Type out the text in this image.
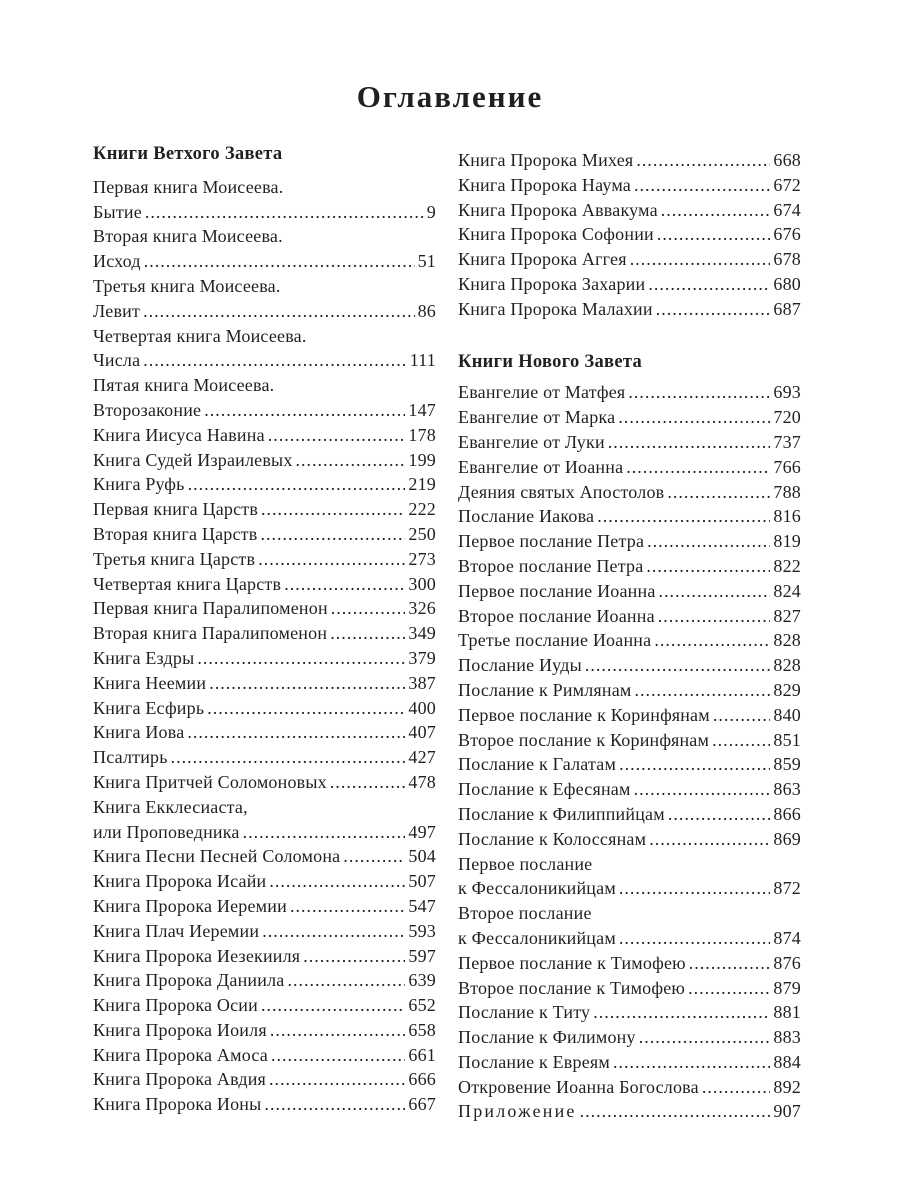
Оглавление
Книги Ветхого Завета
Первая книга Моисеева.
Бытие .....	9
Вторая книга Моисеева.
Исход .....	51
Третья книга Моисеева.
Левит .....	86
Четвертая книга Моисеева.
Числа .....	111
Пятая книга Моисеева.
Второзаконие .....	147
Книга Иисуса Навина .....	178
Книга Судей Израилевых .....	199
Книга Руфь .....	219
Первая книга Царств .....	222
Вторая книга Царств .....	250
Третья книга Царств .....	273
Четвертая книга Царств .....	300
Первая книга Паралипоменон .....	326
Вторая книга Паралипоменон .....	349
Книга Ездры .....	379
Книга Неемии .....	387
Книга Есфирь .....	400
Книга Иова .....	407
Псалтирь .....	427
Книга Притчей Соломоновых .....	478
Книга Екклесиаста,
или Проповедника .....	497
Книга Песни Песней Соломона .....	504
Книга Пророка Исайи .....	507
Книга Пророка Иеремии .....	547
Книга Плач Иеремии .....	593
Книга Пророка Иезекииля .....	597
Книга Пророка Даниила .....	639
Книга Пророка Осии .....	652
Книга Пророка Иоиля .....	658
Книга Пророка Амоса .....	661
Книга Пророка Авдия .....	666
Книга Пророка Ионы .....	667
Книга Пророка Михея .....	668
Книга Пророка Наума .....	672
Книга Пророка Аввакума .....	674
Книга Пророка Софонии .....	676
Книга Пророка Аггея .....	678
Книга Пророка Захарии .....	680
Книга Пророка Малахии .....	687
Книги Нового Завета
Евангелие от Матфея .....	693
Евангелие от Марка .....	720
Евангелие от Луки .....	737
Евангелие от Иоанна .....	766
Деяния святых Апостолов .....	788
Послание Иакова .....	816
Первое послание Петра .....	819
Второе послание Петра .....	822
Первое послание Иоанна .....	824
Второе послание Иоанна .....	827
Третье послание Иоанна .....	828
Послание Иуды .....	828
Послание к Римлянам .....	829
Первое послание к Коринфянам .....	840
Второе послание к Коринфянам .....	851
Послание к Галатам .....	859
Послание к Ефесянам .....	863
Послание к Филиппийцам .....	866
Послание к Колоссянам .....	869
Первое послание
к Фессалоникийцам .....	872
Второе послание
к Фессалоникийцам .....	874
Первое послание к Тимофею .....	876
Второе послание к Тимофею .....	879
Послание к Титу .....	881
Послание к Филимону .....	883
Послание к Евреям .....	884
Откровение Иоанна Богослова .....	892
Приложение .....	907
